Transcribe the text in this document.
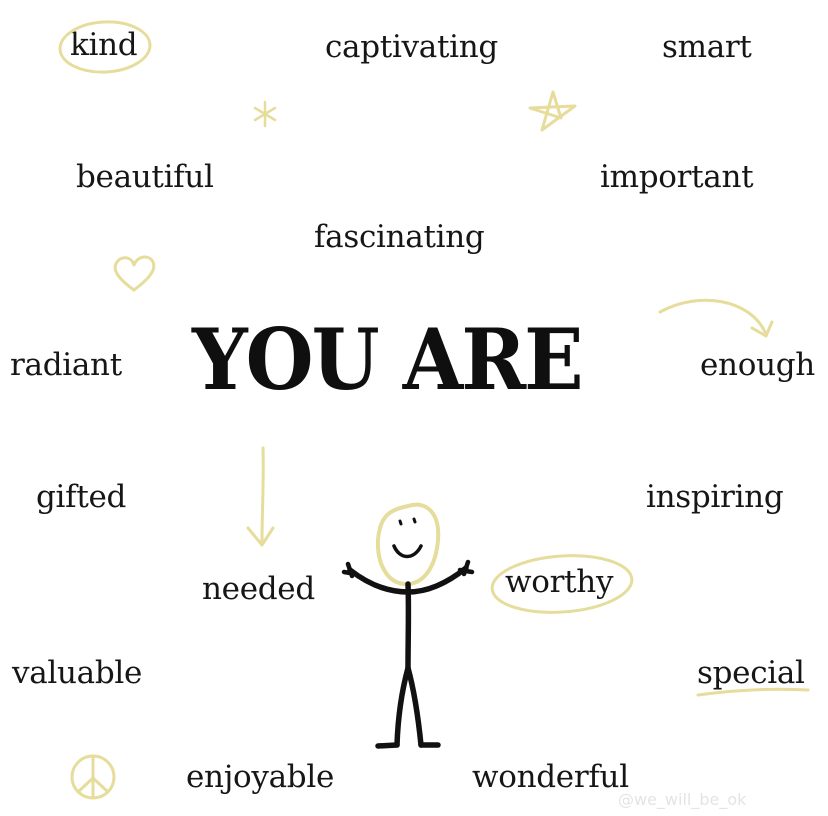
kind	captivating	smart
beautiful	important
fascinating
radiant	enough
gifted	inspiring
needed	worthy
valuable	special
enjoyable	wonderful
YOU ARE
@we_will_be_ok
